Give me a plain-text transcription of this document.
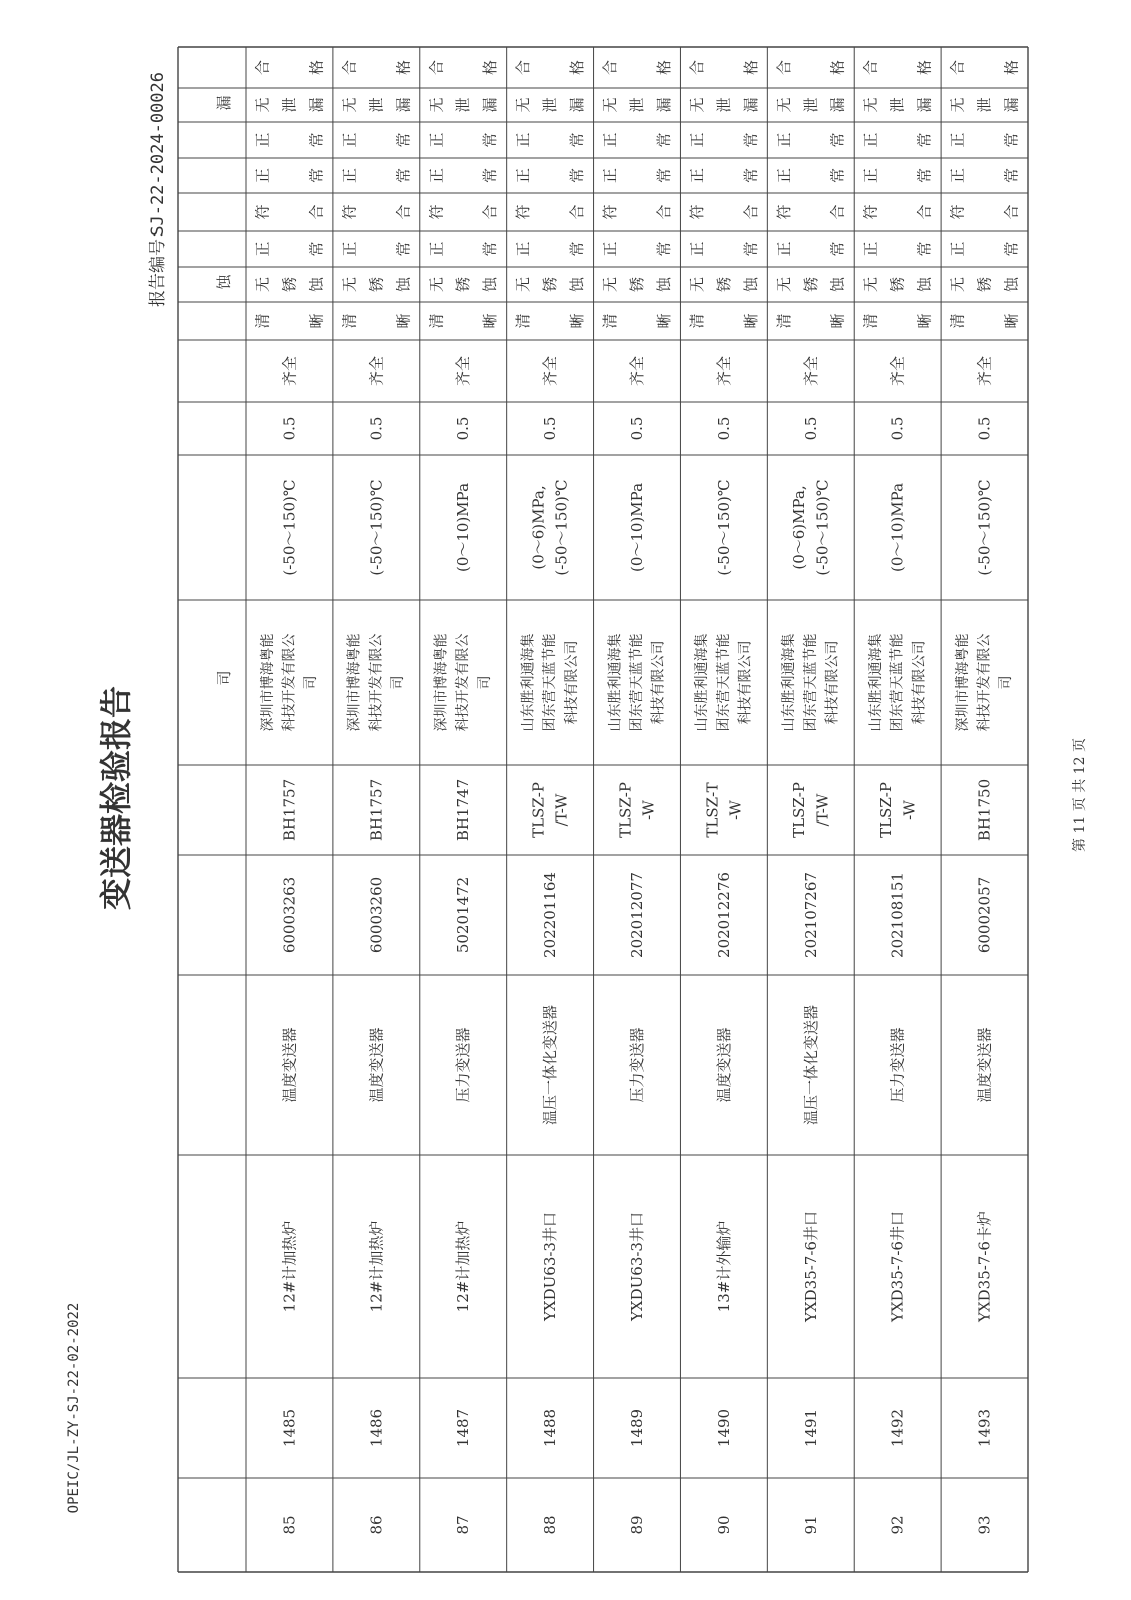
司
蚀
漏
合 格
无 泄 漏
正 常
正 常
符 合
正 常
无 锈 蚀
清 晰
齐全
0.5
(-50～150)℃
深圳市博海粤能 科技开发有限公 司
BH1757
60003263
温度变送器
12#计加热炉
1485
85
合 格
无 泄 漏
正 常
正 常
符 合
正 常
无 锈 蚀
清 晰
齐全
0.5
(-50～150)℃
深圳市博海粤能 科技开发有限公 司
BH1757
60003260
温度变送器
12#计加热炉
1486
86
合 格
无 泄 漏
正 常
正 常
符 合
正 常
无 锈 蚀
清 晰
齐全
0.5
(0～10)MPa
深圳市博海粤能 科技开发有限公 司
BH1747
50201472
压力变送器
12#计加热炉
1487
87
合 格
无 泄 漏
正 常
正 常
符 合
正 常
无 锈 蚀
清 晰
齐全
0.5
(0～6)MPa, (-50～150)℃
山东胜利通海集 团东营天蓝节能 科技有限公司
TLSZ-P /T-W
202201164
温压一体化变送器
YXDU63-3井口
1488
88
合 格
无 泄 漏
正 常
正 常
符 合
正 常
无 锈 蚀
清 晰
齐全
0.5
(0～10)MPa
山东胜利通海集 团东营天蓝节能 科技有限公司
TLSZ-P -W
202012077
压力变送器
YXDU63-3井口
1489
89
合 格
无 泄 漏
正 常
正 常
符 合
正 常
无 锈 蚀
清 晰
齐全
0.5
(-50～150)℃
山东胜利通海集 团东营天蓝节能 科技有限公司
TLSZ-T -W
202012276
温度变送器
13#计外输炉
1490
90
合 格
无 泄 漏
正 常
正 常
符 合
正 常
无 锈 蚀
清 晰
齐全
0.5
(0～6)MPa, (-50～150)℃
山东胜利通海集 团东营天蓝节能 科技有限公司
TLSZ-P /T-W
202107267
温压一体化变送器
YXD35-7-6井口
1491
91
合 格
无 泄 漏
正 常
正 常
符 合
正 常
无 锈 蚀
清 晰
齐全
0.5
(0～10)MPa
山东胜利通海集 团东营天蓝节能 科技有限公司
TLSZ-P -W
202108151
压力变送器
YXD35-7-6井口
1492
92
合 格
无 泄 漏
正 常
正 常
符 合
正 常
无 锈 蚀
清 晰
齐全
0.5
(-50～150)℃
深圳市博海粤能 科技开发有限公 司
BH1750
60002057
温度变送器
YXD35-7-6卡炉
1493
93
变送器检验报告
报告编号：
SJ-22-2024-00026
OPEIC/JL-ZY-SJ-22-02-2022
第 11 页 共 12 页
